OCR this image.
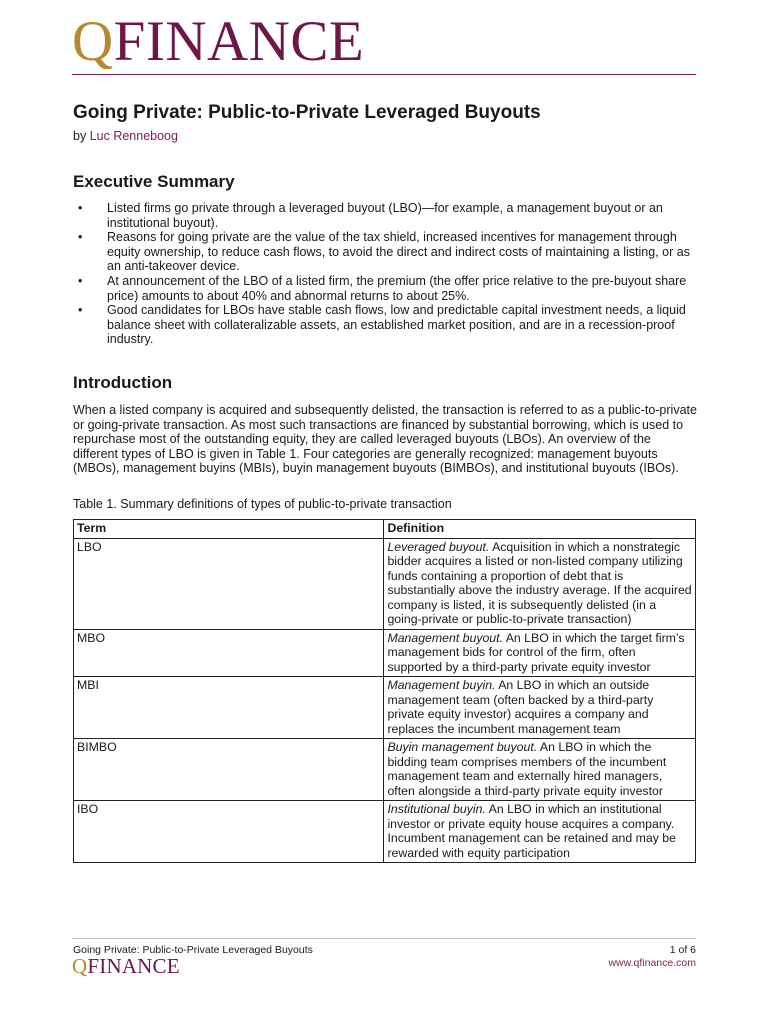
QFINANCE
Going Private: Public-to-Private Leveraged Buyouts
by Luc Renneboog
Executive Summary
• Listed firms go private through a leveraged buyout (LBO)—for example, a management buyout or an institutional buyout).
• Reasons for going private are the value of the tax shield, increased incentives for management through equity ownership, to reduce cash flows, to avoid the direct and indirect costs of maintaining a listing, or as an anti-takeover device.
• At announcement of the LBO of a listed firm, the premium (the offer price relative to the pre-buyout share price) amounts to about 40% and abnormal returns to about 25%.
• Good candidates for LBOs have stable cash flows, low and predictable capital investment needs, a liquid balance sheet with collateralizable assets, an established market position, and are in a recession-proof industry.
Introduction

When a listed company is acquired and subsequently delisted, the transaction is referred to as a public-to-private or going-private transaction. As most such transactions are financed by substantial borrowing, which is used to repurchase most of the outstanding equity, they are called leveraged buyouts (LBOs). An overview of the different types of LBO is given in Table 1. Four categories are generally recognized: management buyouts (MBOs), management buyins (MBIs), buyin management buyouts (BIMBOs), and institutional buyouts (IBOs).

Table 1. Summary definitions of types of public-to-private transaction
Term	Definition
LBO	Leveraged buyout. Acquisition in which a nonstrategic bidder acquires a listed or non-listed company utilizing funds containing a proportion of debt that is substantially above the industry average. If the acquired company is listed, it is subsequently delisted (in a going-private or public-to-private transaction)
MBO	Management buyout. An LBO in which the target firm’s management bids for control of the firm, often supported by a third-party private equity investor
MBI	Management buyin. An LBO in which an outside management team (often backed by a third-party private equity investor) acquires a company and replaces the incumbent management team
BIMBO	Buyin management buyout. An LBO in which the bidding team comprises members of the incumbent management team and externally hired managers, often alongside a third-party private equity investor
IBO	Institutional buyin. An LBO in which an institutional investor or private equity house acquires a company. Incumbent management can be retained and may be rewarded with equity participation
Going Private: Public-to-Private Leveraged Buyouts	1 of 6
www.qfinance.com
QFINANCE
